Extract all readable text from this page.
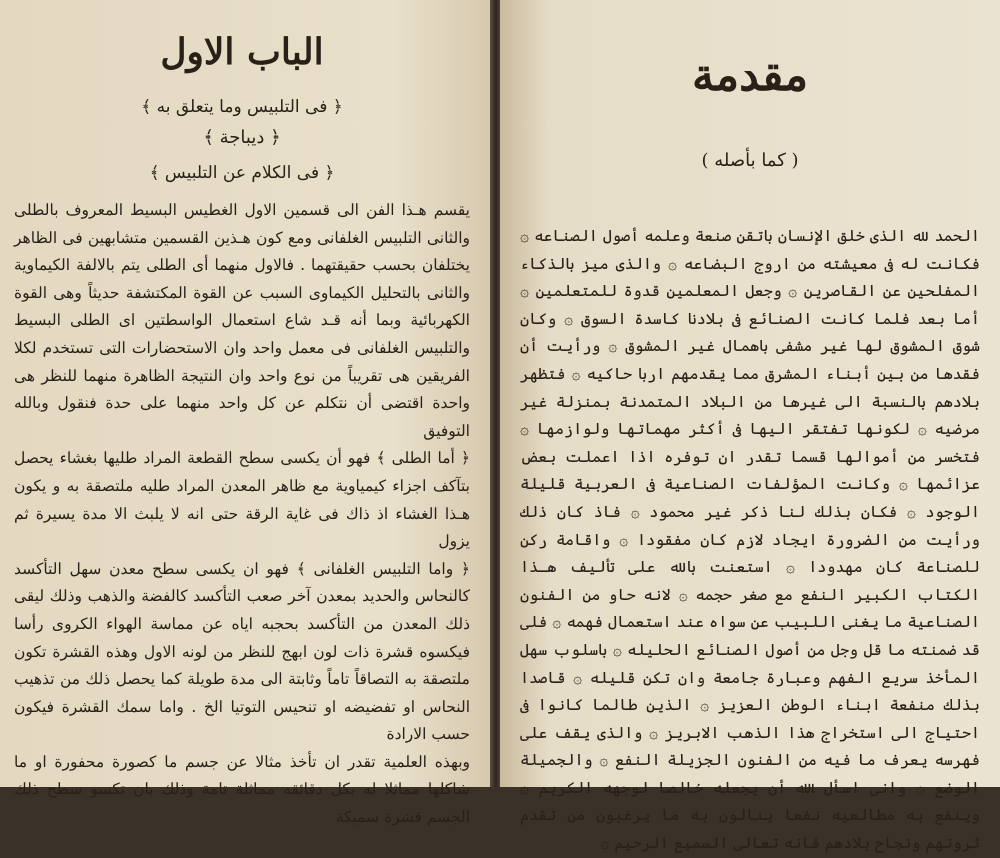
الباب الاول
﴿ فى التلبيس وما يتعلق به ﴾
﴿ ديباجة ﴾
﴿ فى الكلام عن التلبيس ﴾

يقسم هـذا الفن الى قسمين الاول الغطيس البسيط المعروف بالطلى والثانى التلبيس الغلفانى ومع كون هـذين القسمين متشابهين فى الظاهر يختلفان بحسب حقيقتهما . فالاول منهما أى الطلى يتم بالالفة الكيماوية والثانى بالتحليل الكيماوى السبب عن القوة المكتشفة حديثاً وهى القوة الكهربائية وبما أنه قـد شاع استعمال الواسطتين اى الطلى البسيط والتلبيس الغلفانى فى معمل واحد وان الاستحضارات التى تستخدم لكلا الفريقين هى تقريباً من نوع واحد وان النتيجة الظاهرة منهما للنظر هى واحدة اقتضى أن نتكلم عن كل واحد منهما على حدة فنقول وبالله التوفيق

﴿ أما الطلى ﴾ فهو أن يكسى سطح القطعة المراد طليها بغشاء يحصل بتآكف اجزاء كيمياوية مع ظاهر المعدن المراد طليه ملتصقة به و يكون هـذا الغشاء اذ ذاك فى غاية الرقة حتى انه لا يلبث الا مدة يسيرة ثم يزول

﴿ واما التلبيس الغلفانى ﴾ فهو ان يكسى سطح معدن سهل التأكسد كالنحاس والحديد بمعدن آخر صعب التأكسد كالفضة والذهب وذلك ليقى ذلك المعدن من التأكسد بحجبه اياه عن مماسة الهواء الكروى رأسا فيكسوه قشرة ذات لون ابهج للنظر من لونه الاول وهذه القشرة تكون ملتصقة به التصاقاً تاماً وثابتة الى مدة طويلة كما يحصل ذلك من تذهيب النحاس او تفضيضه او تنحيس التوتيا الخ . واما سمك القشرة فيكون حسب الارادة

وبهذه العلمية تقدر ان تأخذ مثالا عن جسم ما كصورة محفورة او ما شاكلها مماثلا له بكل دقائقه مماثلة تامة وذلك بان تكسو سطح ذلك الجسم قشرة سميكة

مقدمة
( كما بأصله )

الحمد لله الذى خلق الإنسان باتقن صنعة وعلمه أصول الصناعه ۞ فكانت له فى معيشته من اروج البضاعه ۞ والذى ميز بالذكاء المفلحين عن القاصرين ۞ وجعل المعلمين قدوة للمتعلمين ۞ أما بعد فلما كانت الصنائع فى بلادنا كاسدة السوق ۞ وكان شوق المشوق لها غير مشفى باهمال غير المشوق ۞ ورأيت أن فقدها من بين أبناء المشرق مما يقدمهم اربا حاكيه ۞ فتظهر بلادهم بالنسبة الى غيرها من البلاد المتمدنة بمنزلة غير مرضيه ۞ لكونها تفتقر اليها فى أكثر مهماتها ولوازمها ۞ فتخسر من أموالها قسما تقدر ان توفره اذا اعملت بعض عزائمها ۞ وكانت المؤلفات الصناعية فى العربية قليلة الوجود ۞ فكان بذلك لنا ذكر غير محمود ۞ فاذ كان ذلك ورأيت من الضرورة ايجاد لازم كان مفقودا ۞ واقامة ركن للصناعة كان مهدودا ۞ استعنت بالله على تأليف هـذا الكتاب الكبير النفع مع صغر حجمه ۞ لانه حاو من الفنون الصناعية ما يغنى اللبيب عن سواه عند استعمال فهمه ۞ فلى قد ضمنته ما قل وجل من أصول الصنائع الحليله ۞ باسلوب سهل المأخذ سريع الفهم وعبارة جامعة وان تكن قليله ۞ قاصدا بذلك منفعة ابناء الوطن العزيز ۞ الذين طالما كانوا فى احتياج الى استخراج هذا الذهب الابريز ۞ والذى يقف على فهرسه يعرف ما فيه من الفنون الجزيلة النفع ۞ والجميلة الوضع ۞ وانى اسأل الله أن يجعله خالصا لوجهه الكريم ۞ وينفع به مطالعيه نفعا ينالون به ما يرغبون من تقدم ثروتهم ونجاح بلادهم فانه تعالى السميع الرحيم ۞
